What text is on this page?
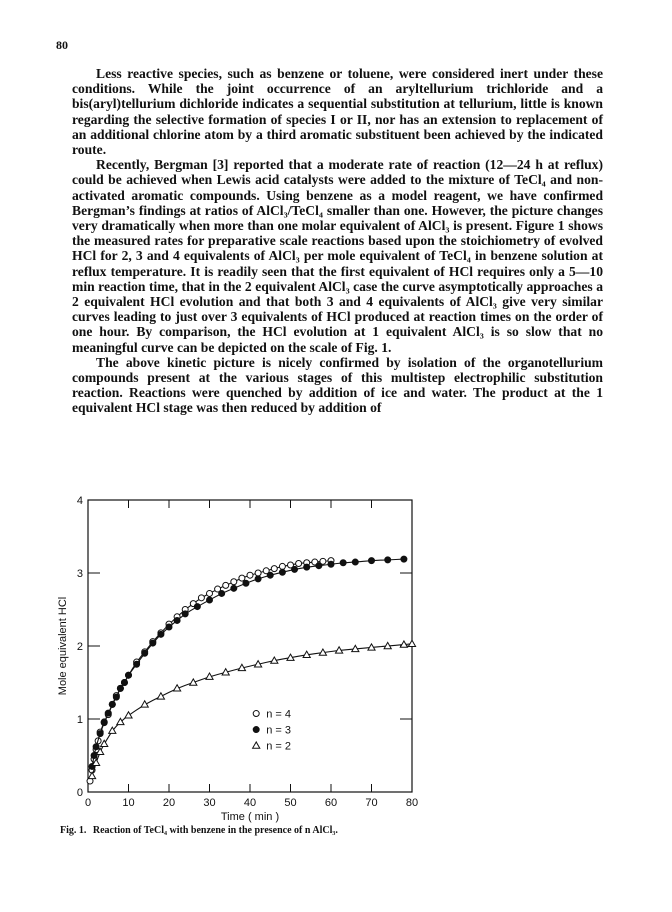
80

Less reactive species, such as benzene or toluene, were considered inert under these conditions. While the joint occurrence of an aryltellurium trichloride and a bis(aryl)tellurium dichloride indicates a sequential substitution at tellurium, little is known regarding the selective formation of species I or II, nor has an extension to replacement of an additional chlorine atom by a third aromatic substituent been achieved by the indicated route.

Recently, Bergman [3] reported that a moderate rate of reaction (12—24 h at reflux) could be achieved when Lewis acid catalysts were added to the mixture of TeCl₄ and non-activated aromatic compounds. Using benzene as a model reagent, we have confirmed Bergman’s findings at ratios of AlCl₃/TeCl₄ smaller than one. However, the picture changes very dramatically when more than one molar equivalent of AlCl₃ is present. Figure 1 shows the measured rates for preparative scale reactions based upon the stoichiometry of evolved HCl for 2, 3 and 4 equivalents of AlCl₃ per mole equivalent of TeCl₄ in benzene solution at reflux temperature. It is readily seen that the first equivalent of HCl requires only a 5—10 min reaction time, that in the 2 equivalent AlCl₃ case the curve asymptotically approaches a 2 equivalent HCl evolution and that both 3 and 4 equivalents of AlCl₃ give very similar curves leading to just over 3 equivalents of HCl produced at reaction times on the order of one hour. By comparison, the HCl evolution at 1 equivalent AlCl₃ is so slow that no meaningful curve can be depicted on the scale of Fig. 1.

The above kinetic picture is nicely confirmed by isolation of the organotellurium compounds present at the various stages of this multistep electrophilic substitution reaction. Reactions were quenched by addition of ice and water. The product at the 1 equivalent HCl stage was then reduced by addition of

0	10	20	30	40	50	60	70	80
0
1
2
3
4
Time ( min )
Mole equivalent HCl
n = 4
n = 3
n = 2
Fig. 1. Reaction of TeCl₄ with benzene in the presence of n AlCl₃.
